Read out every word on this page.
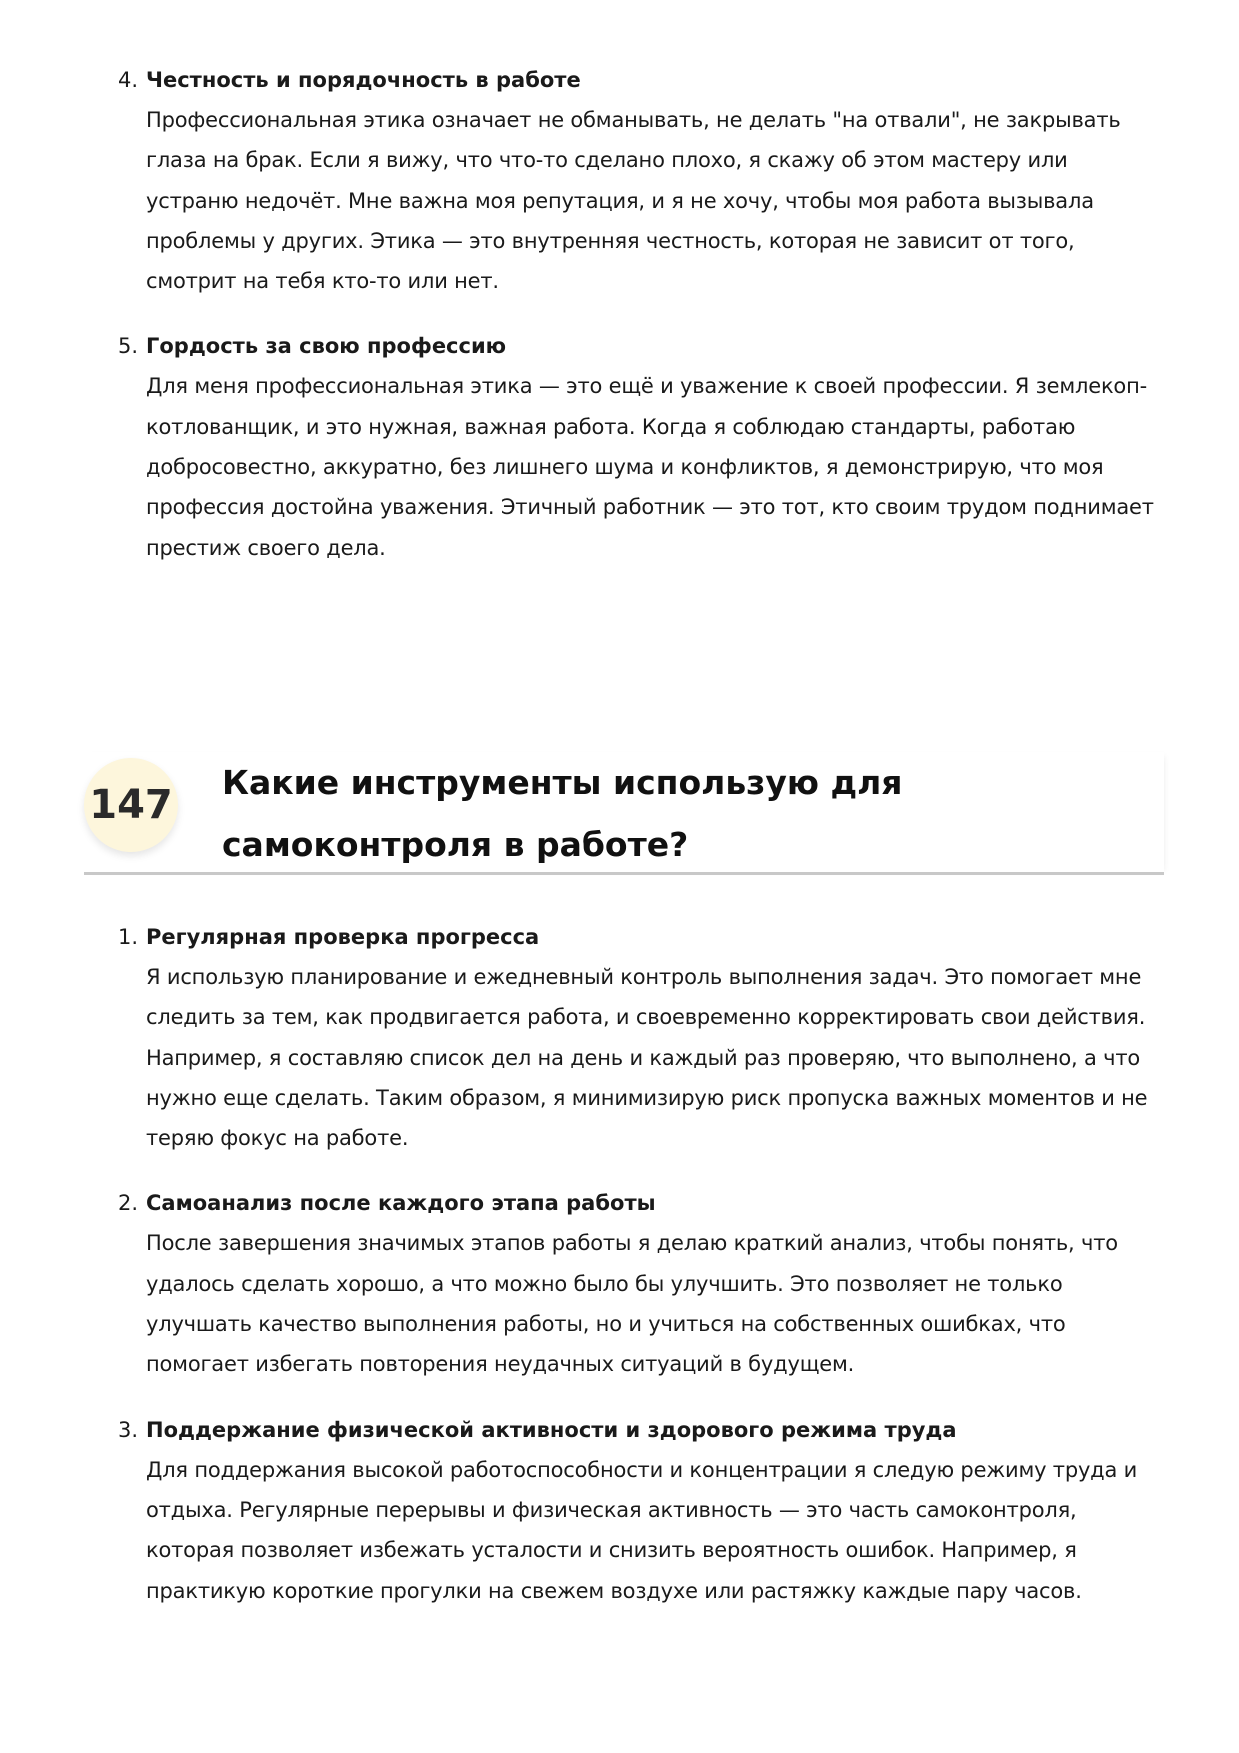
4. Честность и порядочность в работе
Профессиональная этика означает не обманывать, не делать "на отвали", не закрывать глаза на брак. Если я вижу, что что-то сделано плохо, я скажу об этом мастеру или устраню недочёт. Мне важна моя репутация, и я не хочу, чтобы моя работа вызывала проблемы у других. Этика — это внутренняя честность, которая не зависит от того, смотрит на тебя кто-то или нет.
5. Гордость за свою профессию
Для меня профессиональная этика — это ещё и уважение к своей профессии. Я землекоп-котлованщик, и это нужная, важная работа. Когда я соблюдаю стандарты, работаю добросовестно, аккуратно, без лишнего шума и конфликтов, я демонстрирую, что моя профессия достойна уважения. Этичный работник — это тот, кто своим трудом поднимает престиж своего дела.
147 Какие инструменты использую для самоконтроля в работе?
1. Регулярная проверка прогресса
Я использую планирование и ежедневный контроль выполнения задач. Это помогает мне следить за тем, как продвигается работа, и своевременно корректировать свои действия. Например, я составляю список дел на день и каждый раз проверяю, что выполнено, а что нужно еще сделать. Таким образом, я минимизирую риск пропуска важных моментов и не теряю фокус на работе.
2. Самоанализ после каждого этапа работы
После завершения значимых этапов работы я делаю краткий анализ, чтобы понять, что удалось сделать хорошо, а что можно было бы улучшить. Это позволяет не только улучшать качество выполнения работы, но и учиться на собственных ошибках, что помогает избегать повторения неудачных ситуаций в будущем.
3. Поддержание физической активности и здорового режима труда
Для поддержания высокой работоспособности и концентрации я следую режиму труда и отдыха. Регулярные перерывы и физическая активность — это часть самоконтроля, которая позволяет избежать усталости и снизить вероятность ошибок. Например, я практикую короткие прогулки на свежем воздухе или растяжку каждые пару часов.
